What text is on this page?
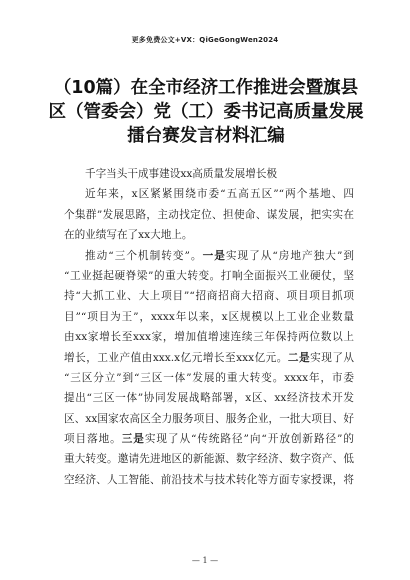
更多免费公文+VX：QiGeGongWen2024
（10篇）在全市经济工作推进会暨旗县
区（管委会）党（工）委书记高质量发展
擂台赛发言材料汇编
千字当头干成事建设xx高质量发展增长极
近年来，x区紧紧围绕市委“五高五区”“两个基地、四
个集群”发展思路，主动找定位、担使命、谋发展，把实实在
在的业绩写在了xx大地上。
推动“三个机制转变”。一是实现了从“房地产独大”到
“工业挺起硬脊梁”的重大转变。打响全面振兴工业硬仗，坚
持“大抓工业、大上项目”“招商招商大招商、项目项目抓项
目”“项目为王”，xxxx年以来，x区规模以上工业企业数量
由xx家增长至xxx家，增加值增速连续三年保持两位数以上
增长，工业产值由xxx.x亿元增长至xxx亿元。二是实现了从
“三区分立”到“三区一体”发展的重大转变。xxxx年，市委
提出“三区一体”协同发展战略部署，x区、xx经济技术开发
区、xx国家农高区全力服务项目、服务企业，一批大项目、好
项目落地。三是实现了从“传统路径”向“开放创新路径”的
重大转变。邀请先进地区的新能源、数字经济、数字资产、低
空经济、人工智能、前沿技术与技术转化等方面专家授课，将
— 1 —
